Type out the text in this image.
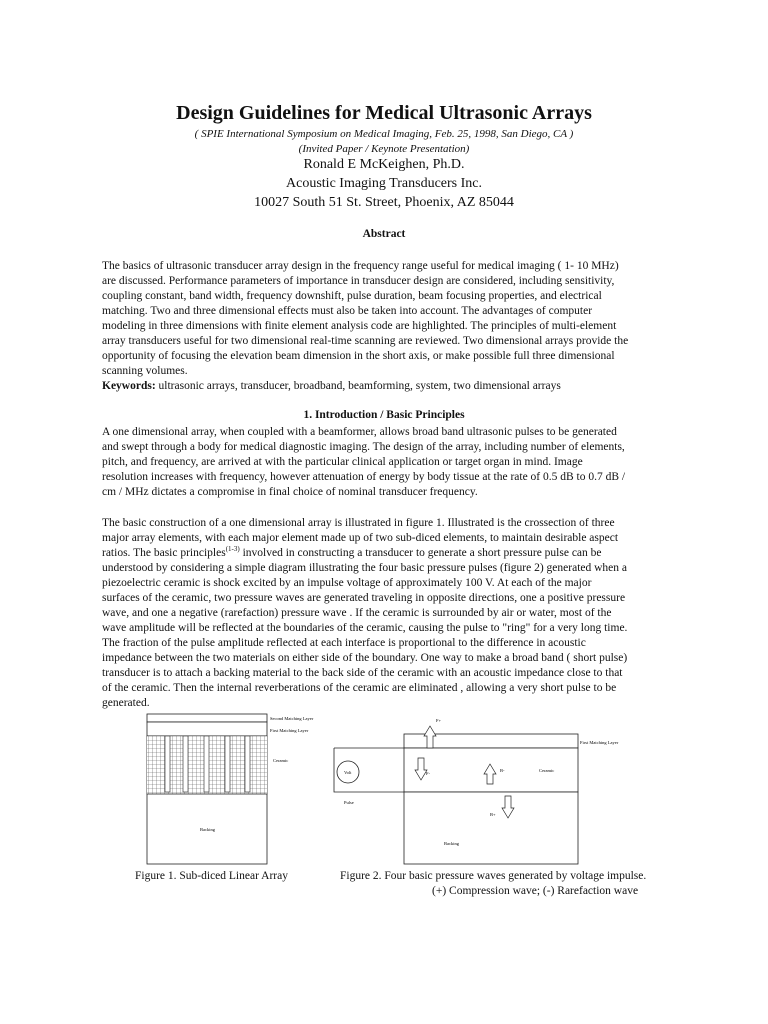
Design Guidelines for Medical Ultrasonic Arrays
( SPIE International Symposium on Medical Imaging, Feb. 25, 1998, San Diego, CA )
(Invited Paper / Keynote Presentation)
Ronald E McKeighen, Ph.D.
Acoustic Imaging Transducers Inc.
10027 South 51 St. Street, Phoenix, AZ 85044
Abstract
The basics of ultrasonic transducer array design in the frequency range useful for medical imaging ( 1- 10 MHz)
are discussed. Performance parameters of importance in transducer design are considered, including sensitivity,
coupling constant, band width, frequency downshift, pulse duration, beam focusing properties, and electrical
matching. Two and three dimensional effects must also be taken into account. The advantages of computer
modeling in three dimensions with finite element analysis code are highlighted. The principles of multi-element
array transducers useful for two dimensional real-time scanning are reviewed. Two dimensional arrays provide the
opportunity of focusing the elevation beam dimension in the short axis, or make possible full three dimensional
scanning volumes.
Keywords: ultrasonic arrays, transducer, broadband, beamforming, system, two dimensional arrays
1. Introduction / Basic Principles
A one dimensional array, when coupled with a beamformer, allows broad band ultrasonic pulses to be generated
and swept through a body for medical diagnostic imaging. The design of the array, including number of elements,
pitch, and frequency, are arrived at with the particular clinical application or target organ in mind. Image
resolution increases with frequency, however attenuation of energy by body tissue at the rate of 0.5 dB to 0.7 dB /
cm / MHz dictates a compromise in final choice of nominal transducer frequency.
The basic construction of a one dimensional array is illustrated in figure 1. Illustrated is the crossection of three
major array elements, with each major element made up of two sub-diced elements, to maintain desirable aspect
ratios. The basic principles$^{(1-3)}$ involved in constructing a transducer to generate a short pressure pulse can be
understood by considering a simple diagram illustrating the four basic pressure pulses (figure 2) generated when a
piezoelectric ceramic is shock excited by an impulse voltage of approximately 100 V. At each of the major
surfaces of the ceramic, two pressure waves are generated traveling in opposite directions, one a positive pressure
wave, and one a negative (rarefaction) pressure wave . If the ceramic is surrounded by air or water, most of the
wave amplitude will be reflected at the boundaries of the ceramic, causing the pulse to "ring" for a very long time.
The fraction of the pulse amplitude reflected at each interface is proportional to the difference in acoustic
impedance between the two materials on either side of the boundary. One way to make a broad band ( short pulse)
transducer is to attach a backing material to the back side of the ceramic with an acoustic impedance close to that
of the ceramic. Then the internal reverberations of the ceramic are eliminated , allowing a very short pulse to be
generated.
Second Matching Layer
First Matching Layer
Ceramic
Backing
Volt
Pulse
F+
F-
B-
B+
First Matching Layer
Ceramic
Backing
Figure 1. Sub-diced Linear Array	Figure 2. Four basic pressure waves generated by voltage impulse.
(+) Compression wave; (-) Rarefaction wave
